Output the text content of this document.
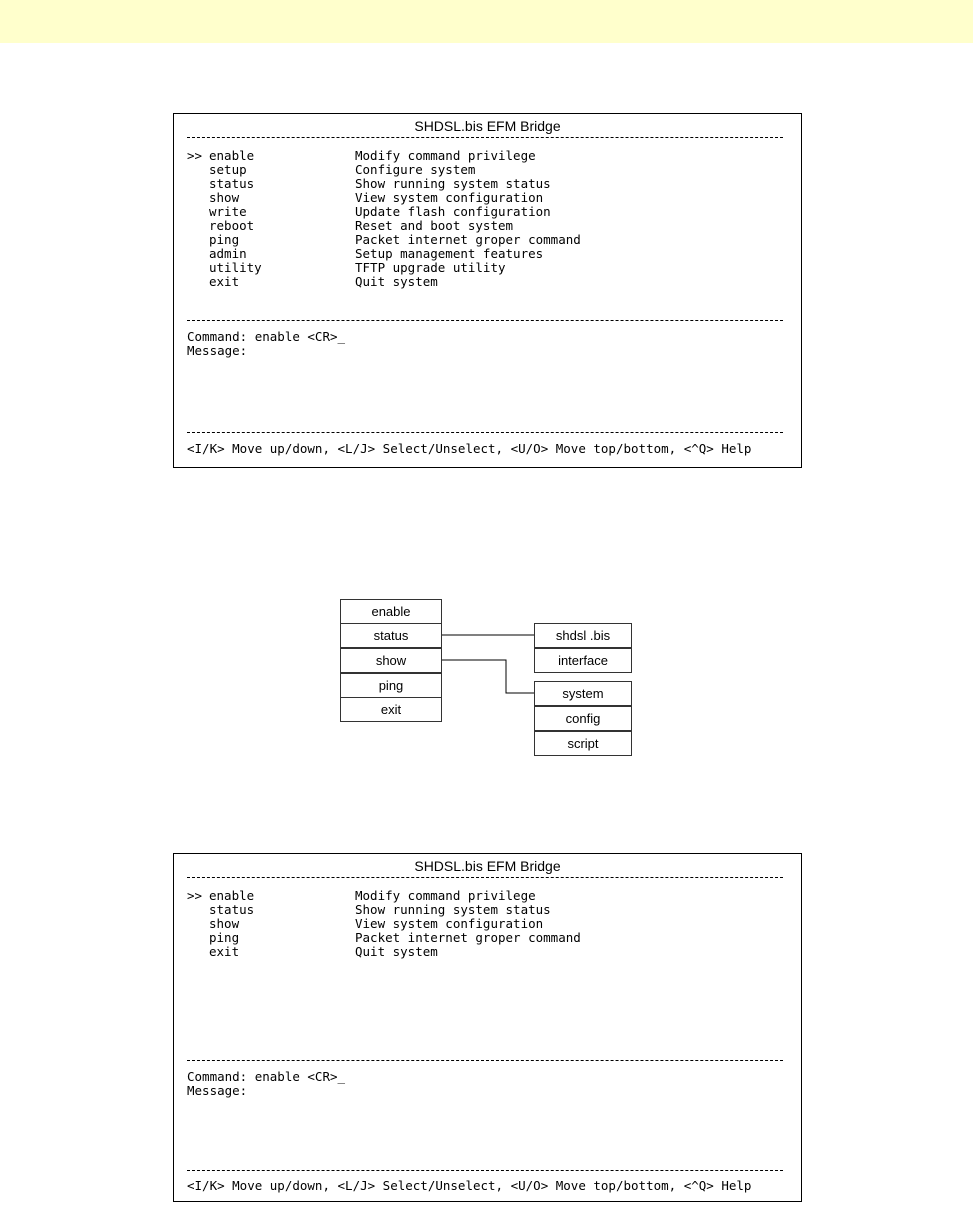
SHDSL.bis EFM Bridge
>> enable	Modify command privilege
setup	Configure system
status	Show running system status
show	View system configuration
write	Update flash configuration
reboot	Reset and boot system
ping	Packet internet groper command
admin	Setup management features
utility	TFTP upgrade utility
exit	Quit system
Command: enable <CR>_
Message:
<I/K> Move up/down, <L/J> Select/Unselect, <U/O> Move top/bottom, <^Q> Help
enable
status
show
ping
exit
shdsl .bis
interface
system
config
script
SHDSL.bis EFM Bridge
>> enable	Modify command privilege
status	Show running system status
show	View system configuration
ping	Packet internet groper command
exit	Quit system
Command: enable <CR>_
Message:
<I/K> Move up/down, <L/J> Select/Unselect, <U/O> Move top/bottom, <^Q> Help
